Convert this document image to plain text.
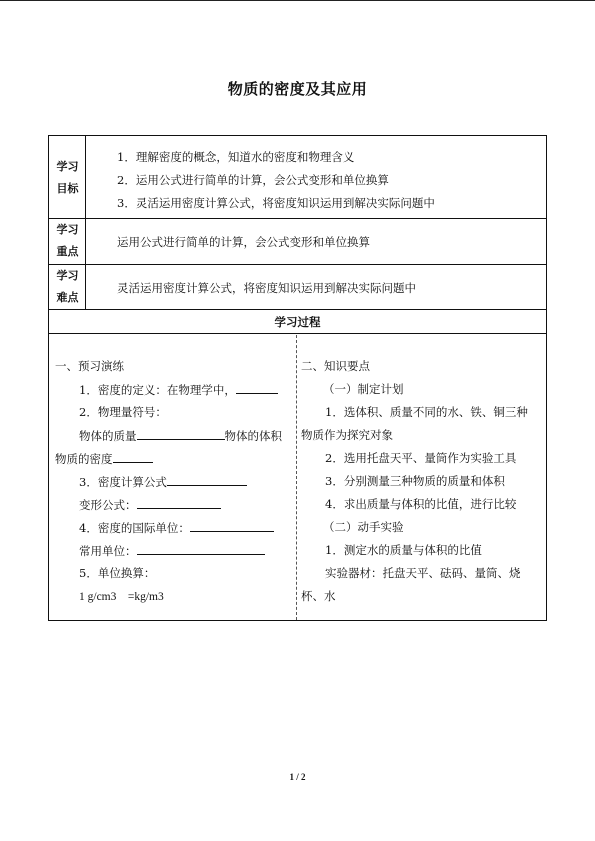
物质的密度及其应用
学习
目标
1．理解密度的概念，知道水的密度和物理含义
2．运用公式进行简单的计算，会公式变形和单位换算
3．灵活运用密度计算公式，将密度知识运用到解决实际问题中
学习
重点
运用公式进行简单的计算，会公式变形和单位换算
学习
难点
灵活运用密度计算公式，将密度知识运用到解决实际问题中
学习过程
一、预习演练
1．密度的定义：在物理学中，
2．物理量符号：
物体的质量	物体的体积
物质的密度
3．密度计算公式
变形公式：
4．密度的国际单位：
常用单位：
5．单位换算：
1 g/cm3　=kg/m3
二、知识要点
（一）制定计划
1．选体积、质量不同的水、铁、铜三种
物质作为探究对象
2．选用托盘天平、量筒作为实验工具
3．分别测量三种物质的质量和体积
4．求出质量与体积的比值，进行比较
（二）动手实验
1．测定水的质量与体积的比值
实验器材：托盘天平、砝码、量筒、烧
杯、水
1 / 2
